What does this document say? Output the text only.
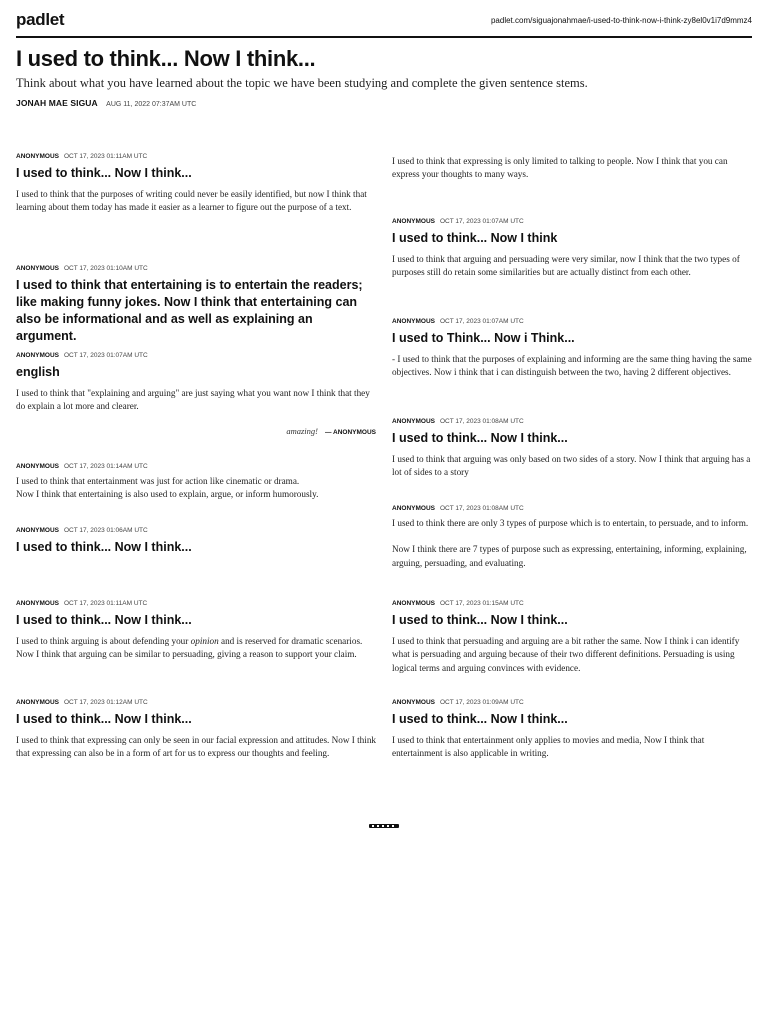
padlet	padlet.com/siguajonahmae/i-used-to-think-now-i-think-zy8el0v1i7d9mmz4
I used to think... Now I think...
Think about what you have learned about the topic we have been studying and complete the given sentence stems.
JONAH MAE SIGUA AUG 11, 2022 07:37AM UTC
ANONYMOUS OCT 17, 2023 01:11AM UTC
I used to think... Now I think...
I used to think that the purposes of writing could never be easily identified, but now I think that learning about them today has made it easier as a learner to figure out the purpose of a text.
ANONYMOUS OCT 17, 2023 01:10AM UTC
I used to think that entertaining is to entertain the readers; like making funny jokes. Now I think that entertaining can also be informational and as well as explaining an argument.
ANONYMOUS OCT 17, 2023 01:07AM UTC
english
I used to think that "explaining and arguing" are just saying what you want now I think that they do explain a lot more and clearer.
amazing! — ANONYMOUS
ANONYMOUS OCT 17, 2023 01:14AM UTC
I used to think that entertainment was just for action like cinematic or drama.
Now I think that entertaining is also used to explain, argue, or inform humorously.
ANONYMOUS OCT 17, 2023 01:06AM UTC
I used to think... Now I think...
ANONYMOUS OCT 17, 2023 01:11AM UTC
I used to think... Now I think...
I used to think arguing is about defending your opinion and is reserved for dramatic scenarios. Now I think that arguing can be similar to persuading, giving a reason to support your claim.
ANONYMOUS OCT 17, 2023 01:12AM UTC
I used to think... Now I think...
I used to think that expressing can only be seen in our facial expression and attitudes. Now I think that expressing can also be in a form of art for us to express our thoughts and feeling.
I used to think that expressing is only limited to talking to people. Now I think that you can express your thoughts to many ways.
ANONYMOUS OCT 17, 2023 01:07AM UTC
I used to think... Now I think
I used to think that arguing and persuading were very similar, now I think that the two types of purposes still do retain some similarities but are actually distinct from each other.
ANONYMOUS OCT 17, 2023 01:07AM UTC
I used to Think... Now i Think...
- I used to think that the purposes of explaining and informing are the same thing having the same objectives. Now i think that i can distinguish between the two, having 2 different objectives.
ANONYMOUS OCT 17, 2023 01:08AM UTC
I used to think... Now I think...
I used to think that arguing was only based on two sides of a story. Now I think that arguing has a lot of sides to a story
ANONYMOUS OCT 17, 2023 01:08AM UTC
I used to think there are only 3 types of purpose which is to entertain, to persuade, and to inform.
Now I think there are 7 types of purpose such as expressing, entertaining, informing, explaining, arguing, persuading, and evaluating.
ANONYMOUS OCT 17, 2023 01:15AM UTC
I used to think... Now I think...
I used to think that persuading and arguing are a bit rather the same. Now I think i can identify what is persuading and arguing because of their two different definitions. Persuading is using logical terms and arguing convinces with evidence.
ANONYMOUS OCT 17, 2023 01:09AM UTC
I used to think... Now I think...
I used to think that entertainment only applies to movies and media, Now I think that entertainment is also applicable in writing.
